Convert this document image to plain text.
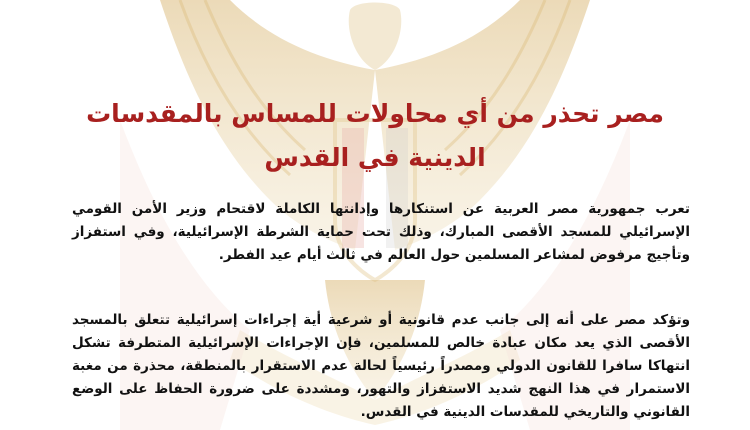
مصر تحذر من أي محاولات للمساس بالمقدسات الدينية في القدس

تعرب جمهورية مصر العربية عن استنكارها وإدانتها الكاملة لاقتحام وزير الأمن القومي الإسرائيلي للمسجد الأقصى المبارك، وذلك تحت حماية الشرطة الإسرائيلية، وفي استفزاز وتأجيج مرفوض لمشاعر المسلمين حول العالم في ثالث أيام عيد الفطر.

وتؤكد مصر على أنه إلى جانب عدم قانونية أو شرعية أية إجراءات إسرائيلية تتعلق بالمسجد الأقصى الذي يعد مكان عبادة خالص للمسلمين، فإن الإجراءات الإسرائيلية المتطرفة تشكل انتهاكا سافرا للقانون الدولي ومصدراً رئيسياً لحالة عدم الاستقرار بالمنطقة، محذرة من مغبة الاستمرار في هذا النهج شديد الاستفزاز والتهور، ومشددة على ضرورة الحفاظ على الوضع القانوني والتاريخي للمقدسات الدينية في القدس.
